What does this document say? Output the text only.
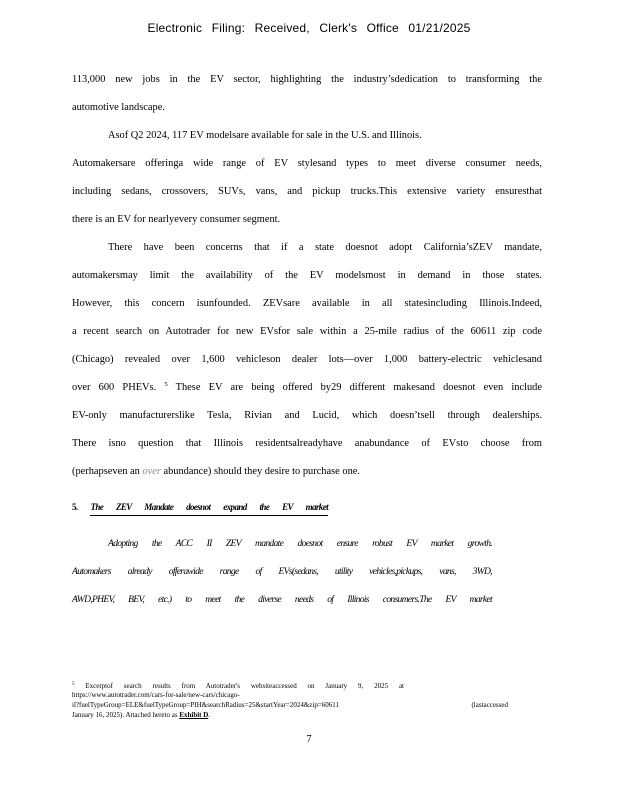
Electronic Filing: Received, Clerk's Office 01/21/2025
113,000 new jobs in the EV sector, highlighting the industry’sdedication to transforming the
automotive landscape.
Asof Q2 2024, 117 EV modelsare available for sale in the U.S. and Illinois.
Automakersare offeringa wide range of EV stylesand types to meet diverse consumer needs,
including sedans, crossovers, SUVs, vans, and pickup trucks.This extensive variety ensuresthat
there is an EV for nearlyevery consumer segment.
There have been concerns that if a state doesnot adopt California’sZEV mandate,
automakersmay limit the availability of the EV modelsmost in demand in those states.
However, this concern isunfounded. ZEVsare available in all statesincluding Illinois.Indeed,
a recent search on Autotrader for new EVsfor sale within a 25-mile radius of the 60611 zip code
(Chicago) revealed over 1,600 vehicleson dealer lots—over 1,000 battery-electric vehiclesand
over 600 PHEVs. $^5$ These EV are being offered by29 different makesand doesnot even include
EV-only manufacturerslike Tesla, Rivian and Lucid, which doesn’tsell through dealerships.
There isno question that Illinois residentsalreadyhave anabundance of EVsto choose from
(perhapseven an over abundance) should they desire to purchase one.
5. The ZEV Mandate doesnot expand the EV market
Adopting the ACC II ZEV mandate doesnot ensure robust EV market growth.
Automakers already offerawide range of EVs(sedans, utility vehicles,pickups, vans, 3WD,
AWD,PHEV, BEV, etc.) to meet the diverse needs of Illinois consumers.The EV market
$^5$ Excerptof search results from Autotrader's websiteaccessed on January 9, 2025 at
https://www.autotrader.com/cars-for-sale/new-cars/chicago-
il?fuelTypeGroup=ELE&fuelTypeGroup=PIH&searchRadius=25&startYear=2024&zip=60611	(lastaccessed
January 16, 2025). Attached hereto as Exhibit D.
7
